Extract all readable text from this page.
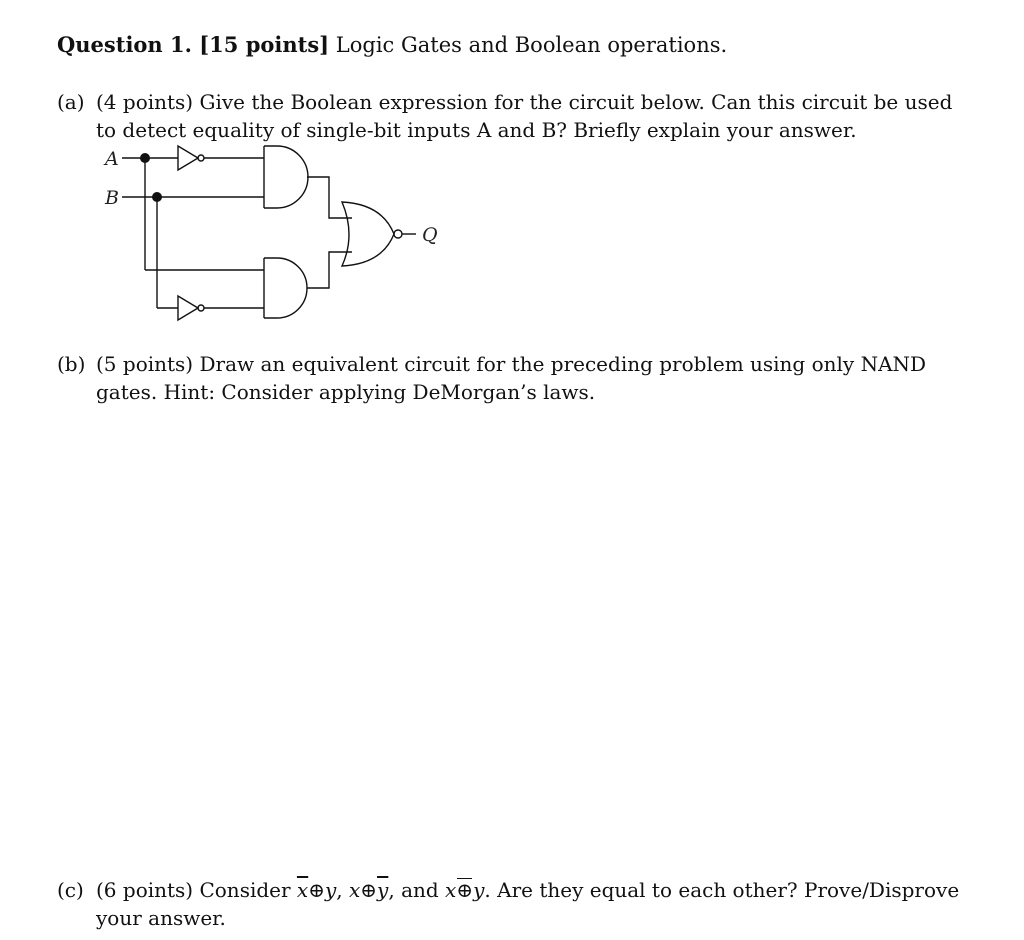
Question 1. [15 points] Logic Gates and Boolean operations.
(a) (4 points) Give the Boolean expression for the circuit below. Can this circuit be used to detect equality of single-bit inputs A and B? Briefly explain your answer.
A
B
Q
(b) (5 points) Draw an equivalent circuit for the preceding problem using only NAND gates. Hint: Consider applying DeMorgan’s laws.
(c) (6 points) Consider $\overline{x}\oplus y$, $x\oplus\overline{y}$, and x⊕y. Are they equal to each other? Prove/Disprove your answer.
